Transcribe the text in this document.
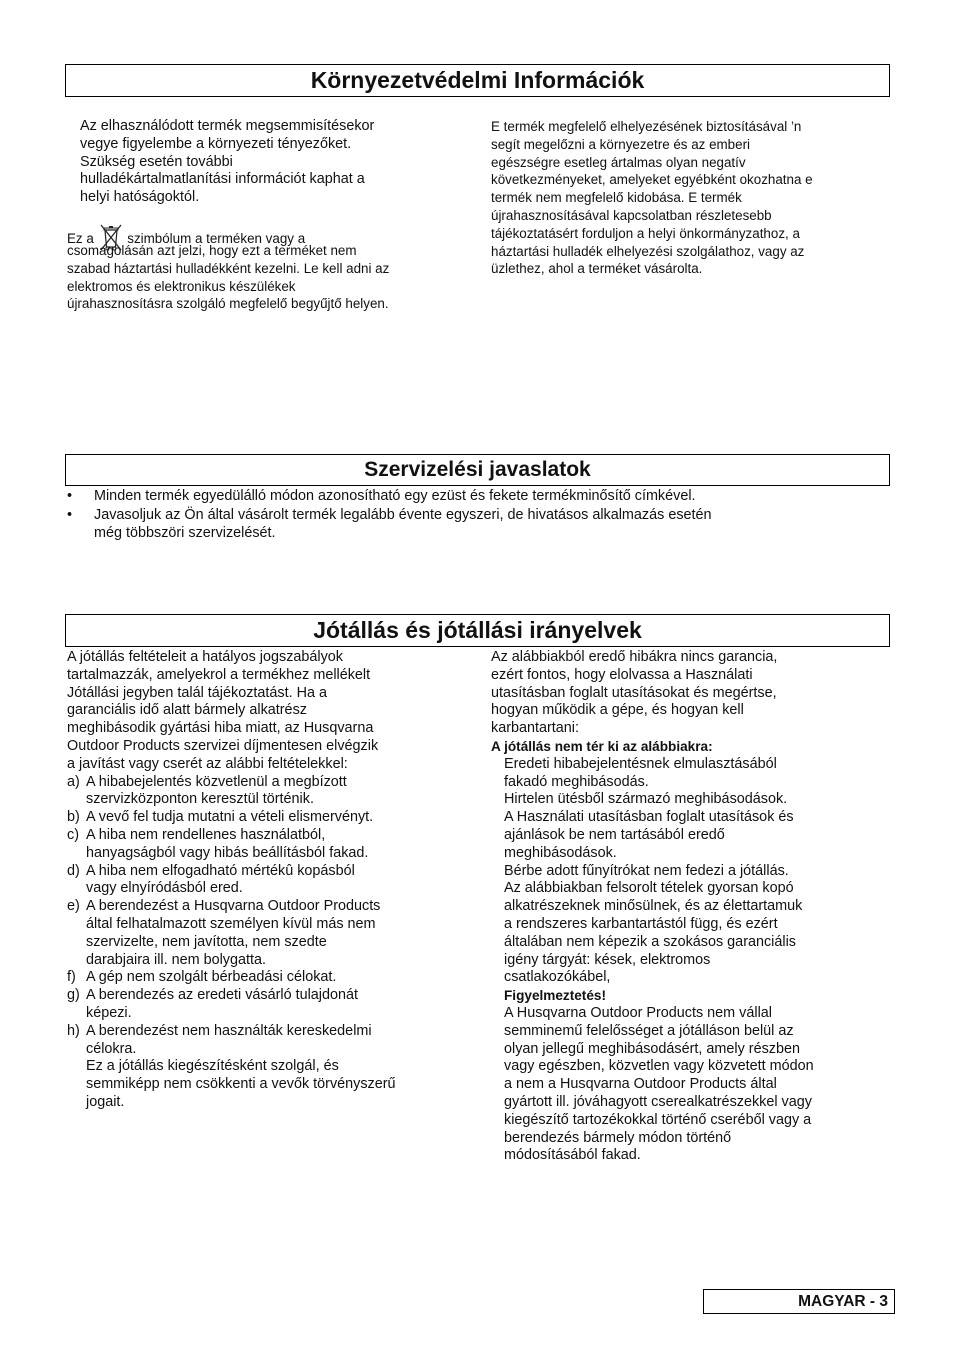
Környezetvédelmi Információk
Az elhasználódott termék megsemmisítésekor
vegye figyelembe a környezeti tényezőket.
Szükség esetén további
hulladékártalmatlanítási információt kaphat a
helyi hatóságoktól.
Ez a szimbólum a terméken vagy a
csomagolásán azt jelzi, hogy ezt a terméket nem
szabad háztartási hulladékként kezelni. Le kell adni az
elektromos és elektronikus készülékek
újrahasznosításra szolgáló megfelelő begyűjtő helyen.
E termék megfelelő elhelyezésének biztosításával ’n
segít megelőzni a környezetre és az emberi
egészségre esetleg ártalmas olyan negatív
következményeket, amelyeket egyébként okozhatna e
termék nem megfelelő kidobása. E termék
újrahasznosításával kapcsolatban részletesebb
tájékoztatásért forduljon a helyi önkormányzathoz, a
háztartási hulladék elhelyezési szolgálathoz, vagy az
üzlethez, ahol a terméket vásárolta.
Szervizelési javaslatok
• Minden termék egyedülálló módon azonosítható egy ezüst és fekete termékminősítő címkével.
• Javasoljuk az Ön által vásárolt termék legalább évente egyszeri, de hivatásos alkalmazás esetén
még többszöri szervizelését.
Jótállás és jótállási irányelvek
A jótállás feltételeit a hatályos jogszabályok
tartalmazzák, amelyekrol a termékhez mellékelt
Jótállási jegyben talál tájékoztatást. Ha a
garanciális idő alatt bármely alkatrész
meghibásodik gyártási hiba miatt, az Husqvarna
Outdoor Products szervizei díjmentesen elvégzik
a javítást vagy cserét az alábbi feltételekkel:
a) A hibabejelentés közvetlenül a megbízott
szervizközponton keresztül történik.
b) A vevő fel tudja mutatni a vételi elismervényt.
c) A hiba nem rendellenes használatból,
hanyagságból vagy hibás beállításból fakad.
d) A hiba nem elfogadható mértékû kopásból
vagy elnyíródásból ered.
e) A berendezést a Husqvarna Outdoor Products
által felhatalmazott személyen kívül más nem
szervizelte, nem javította, nem szedte
darabjaira ill. nem bolygatta.
f) A gép nem szolgált bérbeadási célokat.
g) A berendezés az eredeti vásárló tulajdonát
képezi.
h) A berendezést nem használták kereskedelmi
célokra.
Ez a jótállás kiegészítésként szolgál, és
semmiképp nem csökkenti a vevők törvényszerű
jogait.
Az alábbiakból eredő hibákra nincs garancia,
ezért fontos, hogy elolvassa a Használati
utasításban foglalt utasításokat és megértse,
hogyan működik a gépe, és hogyan kell
karbantartani:
A jótállás nem tér ki az alábbiakra:
Eredeti hibabejelentésnek elmulasztásából
fakadó meghibásodás.
Hirtelen ütésből származó meghibásodások.
A Használati utasításban foglalt utasítások és
ajánlások be nem tartásából eredő
meghibásodások.
Bérbe adott fűnyítrókat nem fedezi a jótállás.
Az alábbiakban felsorolt tételek gyorsan kopó
alkatrészeknek minősülnek, és az élettartamuk
a rendszeres karbantartástól függ, és ezért
általában nem képezik a szokásos garanciális
igény tárgyát: kések, elektromos
csatlakozókábel,
Figyelmeztetés!
A Husqvarna Outdoor Products nem vállal
semminemű felelősséget a jótálláson belül az
olyan jellegű meghibásodásért, amely részben
vagy egészben, közvetlen vagy közvetett módon
a nem a Husqvarna Outdoor Products által
gyártott ill. jóváhagyott cserealkatrészekkel vagy
kiegészítő tartozékokkal történő cseréből vagy a
berendezés bármely módon történő
módosításából fakad.
MAGYAR - 3
